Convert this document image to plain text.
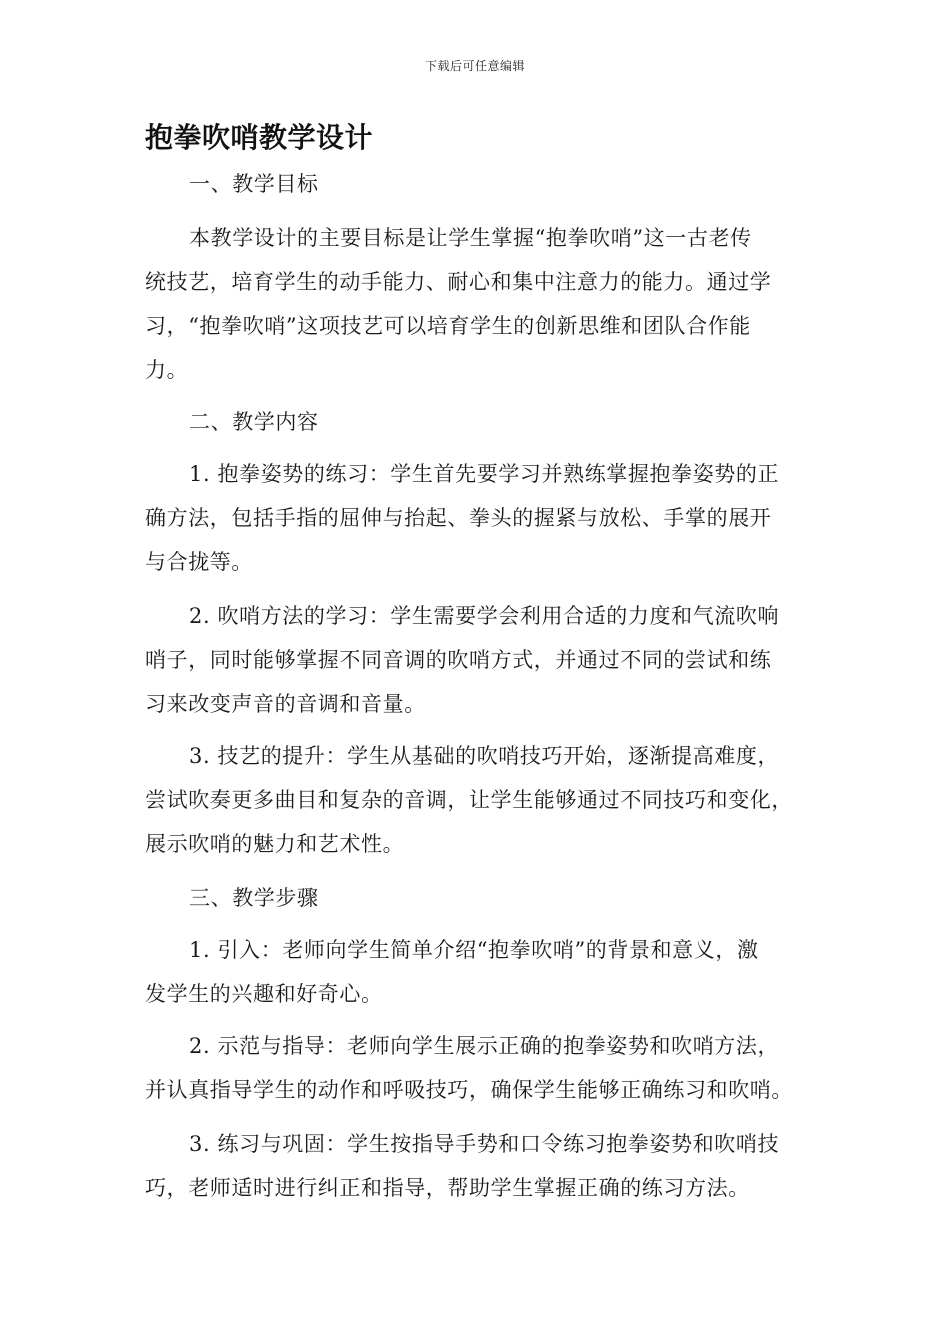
下载后可任意编辑
抱拳吹哨教学设计
一、教学目标
本教学设计的主要目标是让学生掌握“抱拳吹哨”这一古老传
统技艺，培育学生的动手能力、耐心和集中注意力的能力。通过学
习，“抱拳吹哨”这项技艺可以培育学生的创新思维和团队合作能
力。
二、教学内容
1. 抱拳姿势的练习：学生首先要学习并熟练掌握抱拳姿势的正
确方法，包括手指的屈伸与抬起、拳头的握紧与放松、手掌的展开
与合拢等。
2. 吹哨方法的学习：学生需要学会利用合适的力度和气流吹响
哨子，同时能够掌握不同音调的吹哨方式，并通过不同的尝试和练
习来改变声音的音调和音量。
3. 技艺的提升：学生从基础的吹哨技巧开始，逐渐提高难度，
尝试吹奏更多曲目和复杂的音调，让学生能够通过不同技巧和变化，
展示吹哨的魅力和艺术性。
三、教学步骤
1. 引入：老师向学生简单介绍“抱拳吹哨”的背景和意义，激
发学生的兴趣和好奇心。
2. 示范与指导：老师向学生展示正确的抱拳姿势和吹哨方法，
并认真指导学生的动作和呼吸技巧，确保学生能够正确练习和吹哨。
3. 练习与巩固：学生按指导手势和口令练习抱拳姿势和吹哨技
巧，老师适时进行纠正和指导，帮助学生掌握正确的练习方法。
